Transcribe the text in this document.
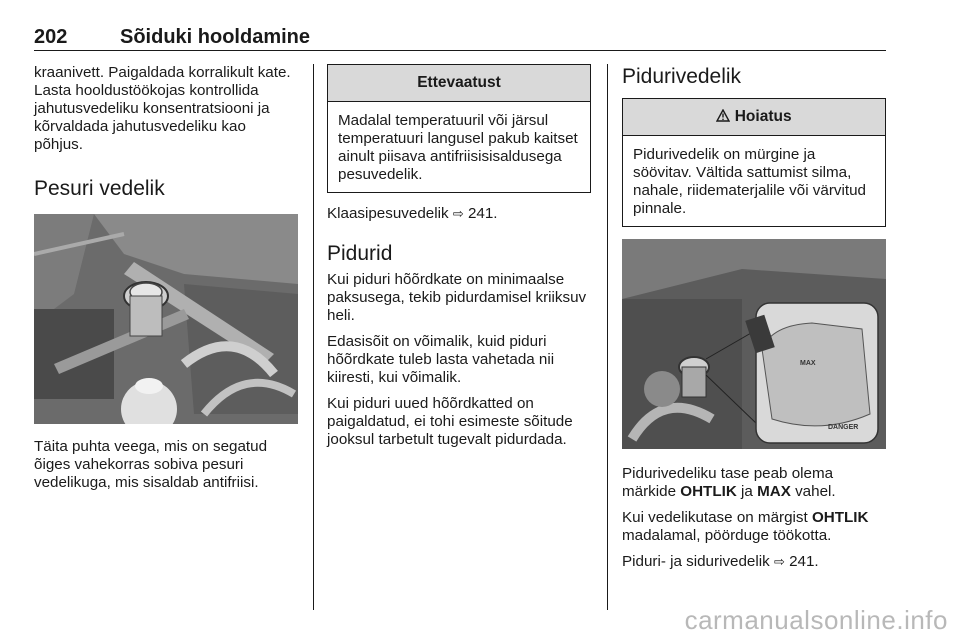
202	Sõiduki hooldamine

kraanivett. Paigaldada korralikult kate. Lasta hooldustöökojas kontrollida jahutusvedeliku konsentratsiooni ja kõrvaldada jahutusvedeliku kao põhjus.

Pesuri vedelik

Täita puhta veega, mis on segatud õiges vahekorras sobiva pesuri vedelikuga, mis sisaldab antifriisi.

Ettevaatust

Madalal temperatuuril või järsul temperatuuri langusel pakub kaitset ainult piisava antifriisisisaldusega pesuvedelik.

Klaasipesuvedelik ⇨ 241.

Pidurid

Kui piduri hõõrdkate on minimaalse paksusega, tekib pidurdamisel kriiksuv heli.

Edasisõit on võimalik, kuid piduri hõõrdkate tuleb lasta vahetada nii kiiresti, kui võimalik.

Kui piduri uued hõõrdkatted on paigaldatud, ei tohi esimeste sõitude jooksul tarbetult tugevalt pidurdada.

Pidurivedelik
Hoiatus

Pidurivedelik on mürgine ja söövitav. Vältida sattumist silma, nahale, riidematerjalile või värvitud pinnale.

MAX
DANGER

Pidurivedeliku tase peab olema märkide OHTLIK ja MAX vahel.

Kui vedelikutase on märgist OHTLIK madalamal, pöörduge töökotta.

Piduri- ja sidurivedelik ⇨ 241.

carmanualsonline.info
